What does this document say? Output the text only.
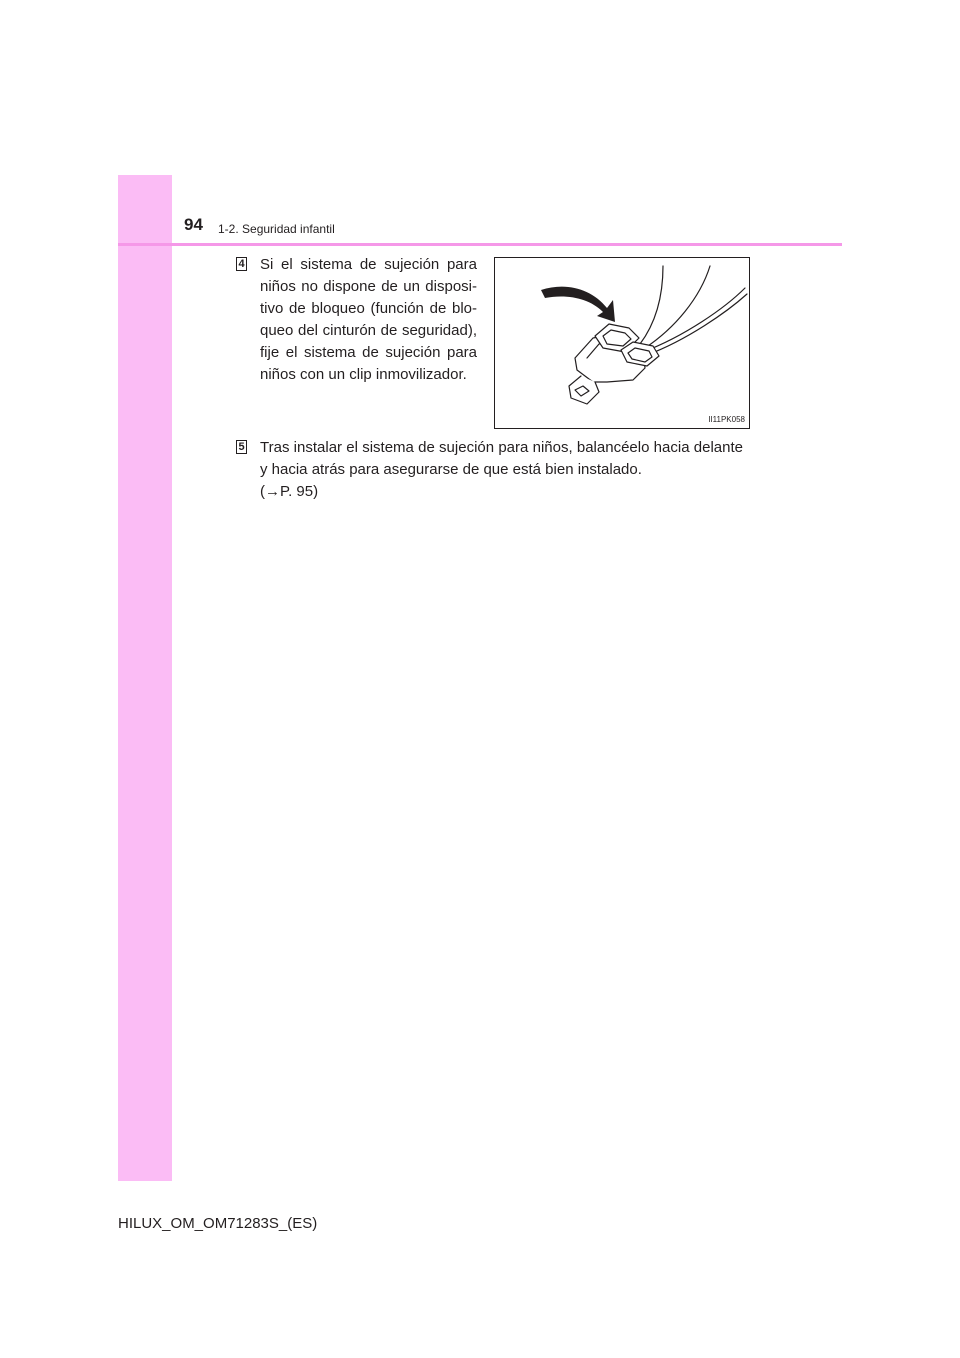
94 1-2. Seguridad infantil
4 Si el sistema de sujeción para niños no dispone de un disposi- tivo de bloqueo (función de blo- queo del cinturón de seguridad), fije el sistema de sujeción para niños con un clip inmovilizador.
II11PK058
5 Tras instalar el sistema de sujeción para niños, balancéelo hacia delante y hacia atrás para asegurarse de que está bien instalado.
(→P. 95)
HILUX_OM_OM71283S_(ES)
